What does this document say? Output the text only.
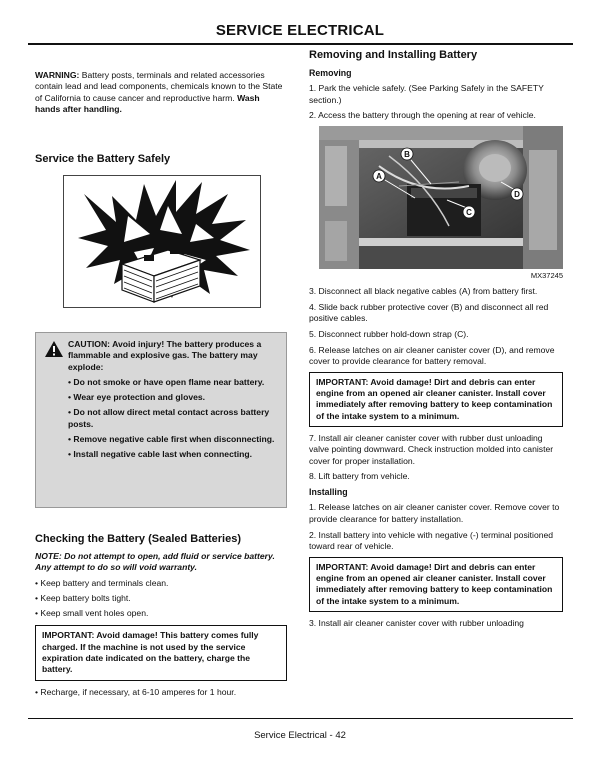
SERVICE ELECTRICAL

WARNING: Battery posts, terminals and related accessories contain lead and lead components, chemicals known to the State of California to cause cancer and reproductive harm. Wash hands after handling.

Service the Battery Safely

CAUTION: Avoid injury! The battery produces a flammable and explosive gas. The battery may explode:

• Do not smoke or have open flame near battery.

• Wear eye protection and gloves.

• Do not allow direct metal contact across battery posts.

• Remove negative cable first when disconnecting.

• Install negative cable last when connecting.

Checking the Battery (Sealed Batteries)

NOTE: Do not attempt to open, add fluid or service battery. Any attempt to do so will void warranty.

• Keep battery and terminals clean.

• Keep battery bolts tight.

• Keep small vent holes open.

IMPORTANT: Avoid damage! This battery comes fully charged. If the machine is not used by the service expiration date indicated on the battery, charge the battery.

• Recharge, if necessary, at 6-10 amperes for 1 hour.

Removing and Installing Battery

Removing

1. Park the vehicle safely. (See Parking Safely in the SAFETY section.)

2. Access the battery through the opening at rear of vehicle.

A
B
C
D

MX37245

3. Disconnect all black negative cables (A) from battery first.

4. Slide back rubber protective cover (B) and disconnect all red positive cables.

5. Disconnect rubber hold-down strap (C).

6. Release latches on air cleaner canister cover (D), and remove cover to provide clearance for battery removal.

IMPORTANT: Avoid damage! Dirt and debris can enter engine from an opened air cleaner canister. Install cover immediately after removing battery to keep contamination of the intake system to a minimum.

7. Install air cleaner canister cover with rubber dust unloading valve pointing downward. Check instruction molded into canister cover for proper installation.

8. Lift battery from vehicle.

Installing

1. Release latches on air cleaner canister cover. Remove cover to provide clearance for battery installation.

2. Install battery into vehicle with negative (-) terminal positioned toward rear of vehicle.

IMPORTANT: Avoid damage! Dirt and debris can enter engine from an opened air cleaner canister. Install cover immediately after removing battery to keep contamination of the intake system to a minimum.

3. Install air cleaner canister cover with rubber unloading

Service Electrical - 42
